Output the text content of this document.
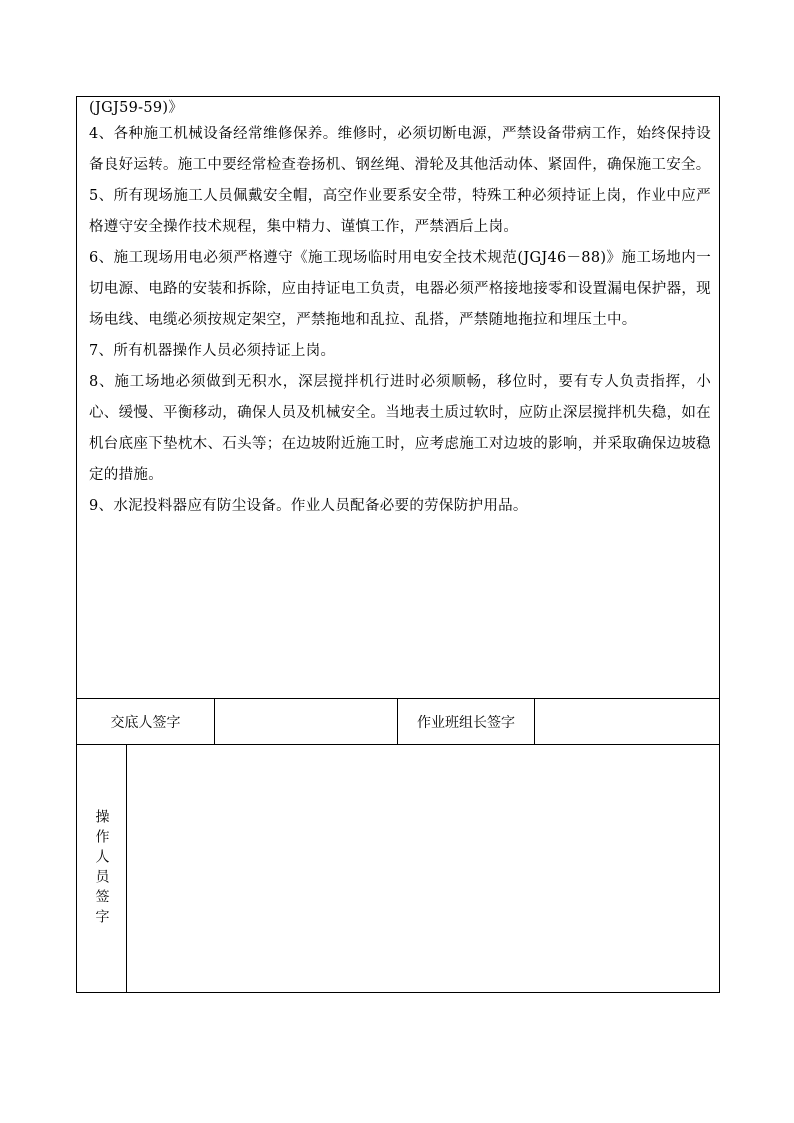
(JGJ59-59)》

4、各种施工机械设备经常维修保养。维修时，必须切断电源，严禁设备带病工作，始终保持设备良好运转。施工中要经常检查卷扬机、钢丝绳、滑轮及其他活动体、紧固件，确保施工安全。

5、所有现场施工人员佩戴安全帽，高空作业要系安全带，特殊工种必须持证上岗，作业中应严格遵守安全操作技术规程，集中精力、谨慎工作，严禁酒后上岗。

6、施工现场用电必须严格遵守《施工现场临时用电安全技术规范(JGJ46－88)》施工场地内一切电源、电路的安装和拆除，应由持证电工负责，电器必须严格接地接零和设置漏电保护器，现场电线、电缆必须按规定架空，严禁拖地和乱拉、乱搭，严禁随地拖拉和埋压土中。

7、所有机器操作人员必须持证上岗。

8、施工场地必须做到无积水，深层搅拌机行进时必须顺畅，移位时，要有专人负责指挥，小心、缓慢、平衡移动，确保人员及机械安全。当地表土质过软时，应防止深层搅拌机失稳，如在机台底座下垫枕木、石头等；在边坡附近施工时，应考虑施工对边坡的影响，并采取确保边坡稳定的措施。

9、水泥投料器应有防尘设备。作业人员配备必要的劳保防护用品。

交底人签字	作业班组长签字
操作人员签字
